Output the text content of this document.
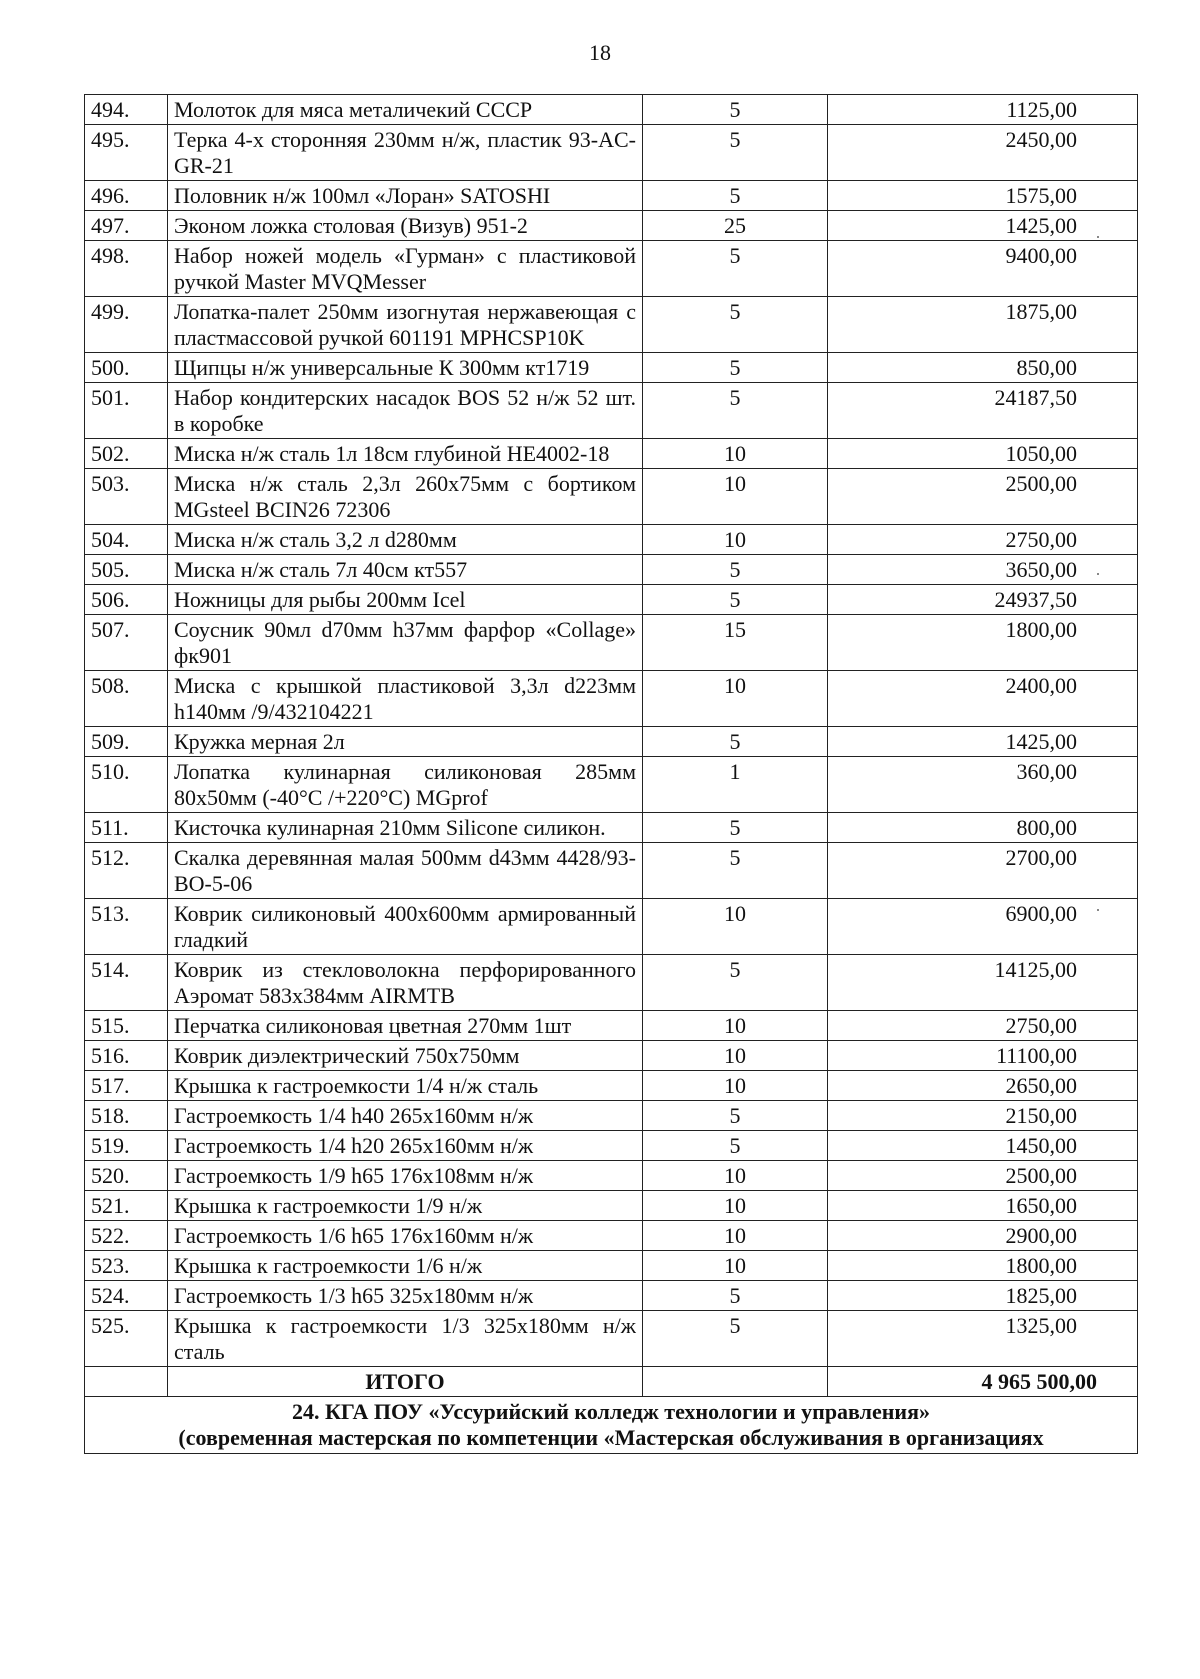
18
494.	Молоток для мяса металичекий СССР	5	1125,00
495.	Терка 4-х сторонняя 230мм н/ж, пластик 93-AC-GR-21	5	2450,00
496.	Половник н/ж 100мл «Лоран» SATOSHI	5	1575,00
497.	Эконом ложка столовая (Визув) 951-2	25	1425,00
498.	Набор ножей модель «Гурман» с пластиковой ручкой Master MVQMesser	5	9400,00
499.	Лопатка-палет 250мм изогнутая нержавеющая с пластмассовой ручкой 601191 MPHCSP10K	5	1875,00
500.	Щипцы н/ж универсальные К 300мм кт1719	5	850,00
501.	Набор кондитерских насадок BOS 52 н/ж 52 шт. в коробке	5	24187,50
502.	Миска н/ж сталь 1л 18см глубиной HE4002-18	10	1050,00
503.	Миска н/ж сталь 2,3л 260х75мм с бортиком MGsteel BCIN26 72306	10	2500,00
504.	Миска н/ж сталь 3,2 л d280мм	10	2750,00
505.	Миска н/ж сталь 7л 40см кт557	5	3650,00
506.	Ножницы для рыбы 200мм Icel	5	24937,50
507.	Соусник 90мл d70мм h37мм фарфор «Collage» фк901	15	1800,00
508.	Миска с крышкой пластиковой 3,3л d223мм h140мм /9/432104221	10	2400,00
509.	Кружка мерная 2л	5	1425,00
510.	Лопатка кулинарная силиконовая 285мм 80х50мм (-40°С /+220°С) MGprof	1	360,00
511.	Кисточка кулинарная 210мм Silicone силикон.	5	800,00
512.	Скалка деревянная малая 500мм d43мм 4428/93-BO-5-06	5	2700,00
513.	Коврик силиконовый 400х600мм армированный гладкий	10	6900,00
514.	Коврик из стекловолокна перфорированного Аэромат 583х384мм AIRMTB	5	14125,00
515.	Перчатка силиконовая цветная 270мм 1шт	10	2750,00
516.	Коврик диэлектрический 750х750мм	10	11100,00
517.	Крышка к гастроемкости 1/4 н/ж сталь	10	2650,00
518.	Гастроемкость 1/4 h40 265х160мм н/ж	5	2150,00
519.	Гастроемкость 1/4 h20 265х160мм н/ж	5	1450,00
520.	Гастроемкость 1/9 h65 176х108мм н/ж	10	2500,00
521.	Крышка к гастроемкости 1/9 н/ж	10	1650,00
522.	Гастроемкость 1/6 h65 176х160мм н/ж	10	2900,00
523.	Крышка к гастроемкости 1/6 н/ж	10	1800,00
524.	Гастроемкость 1/3 h65 325х180мм н/ж	5	1825,00
525.	Крышка к гастроемкости 1/3 325х180мм н/ж сталь	5	1325,00
	ИТОГО		4 965 500,00

24. КГА ПОУ «Уссурийский колледж технологии и управления»
(современная мастерская по компетенции «Мастерская обслуживания в организациях			
